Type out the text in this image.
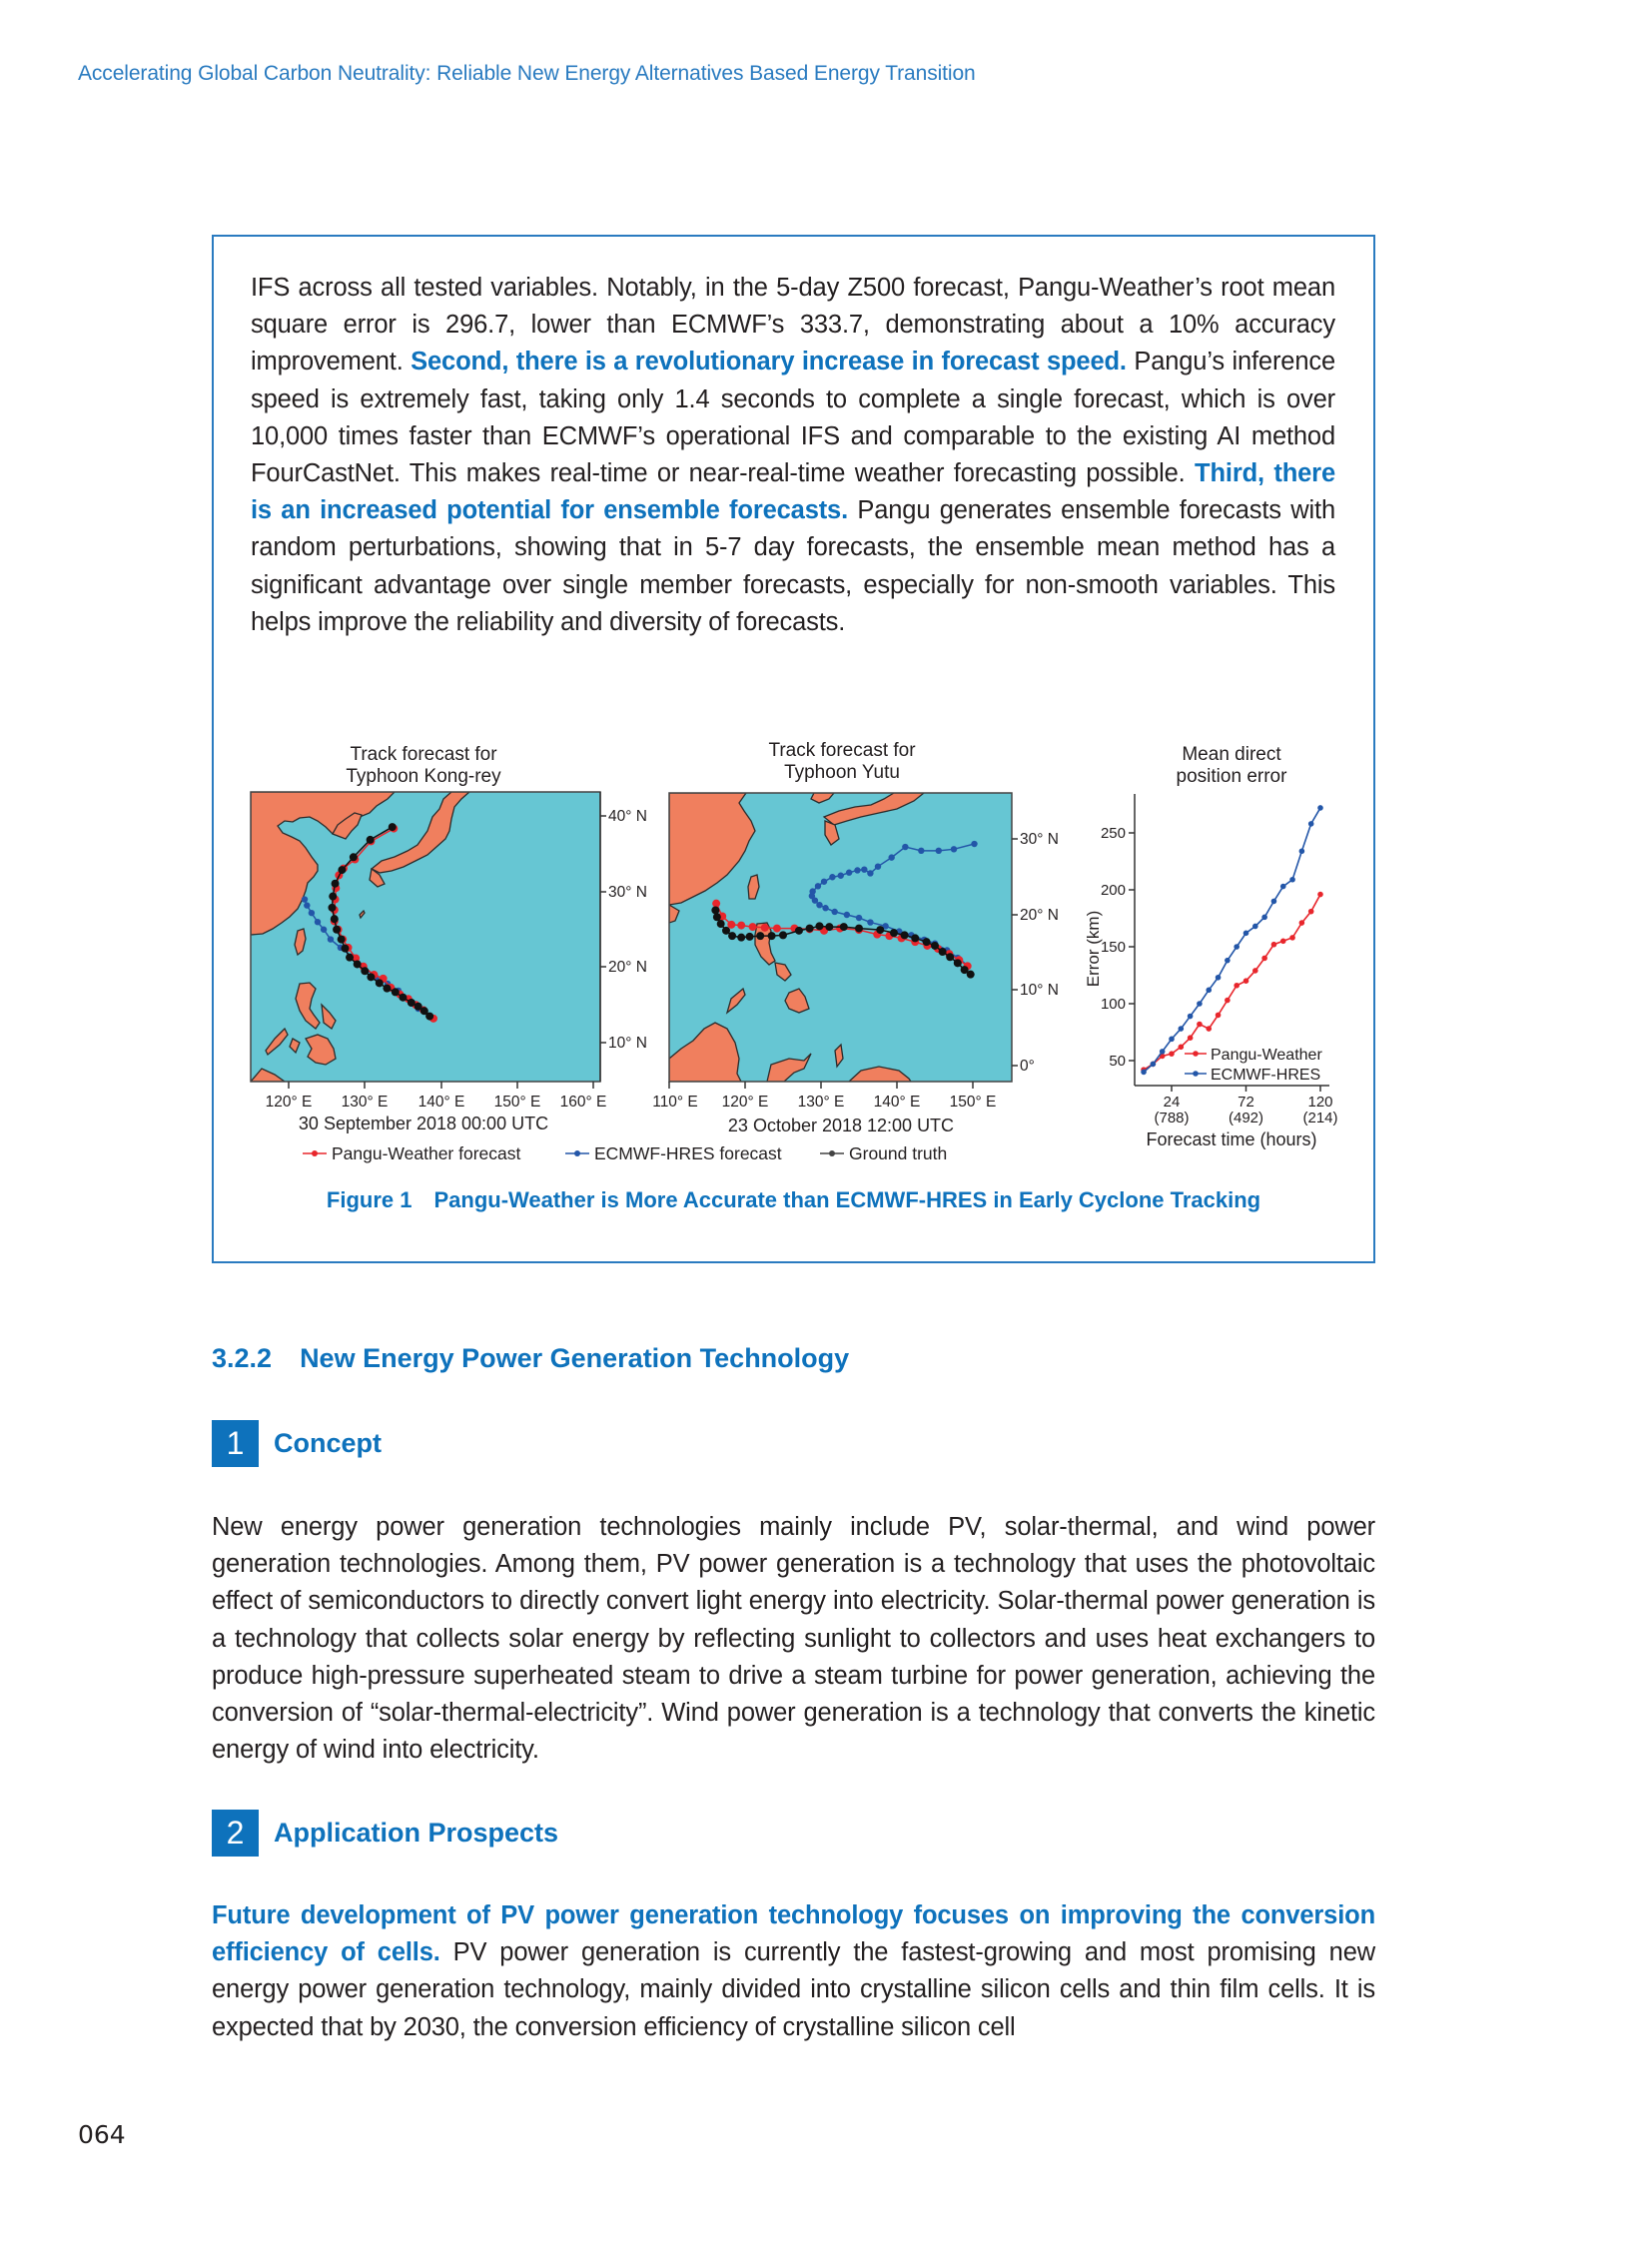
Accelerating Global Carbon Neutrality: Reliable New Energy Alternatives Based Energy Transition
IFS across all tested variables. Notably, in the 5-day Z500 forecast, Pangu-Weather’s root mean square error is 296.7, lower than ECMWF’s 333.7, demonstrating about a 10% accuracy improvement. Second, there is a revolutionary increase in forecast speed. Pangu’s inference speed is extremely fast, taking only 1.4 seconds to complete a single forecast, which is over 10,000 times faster than ECMWF’s operational IFS and comparable to the existing AI method FourCastNet. This makes real-time or near-real-time weather forecasting possible. Third, there is an increased potential for ensemble forecasts. Pangu generates ensemble forecasts with random perturbations, showing that in 5-7 day forecasts, the ensemble mean method has a significant advantage over single member forecasts, especially for non-smooth variables. This helps improve the reliability and diversity of forecasts.
Track forecast for
Typhoon Kong-rey
40° N
30° N
20° N
10° N
120° E 130° E 140° E 150° E 160° E
30 September 2018 00:00 UTC
Track forecast for
Typhoon Yutu
30° N
20° N
10° N
0°
110° E 120° E 130° E 140° E 150° E
23 October 2018 12:00 UTC
Mean direct
position error
50
100
150
200
250
24
(788)
72
(492)
120
(214)
Error (km)
Forecast time (hours)
Pangu-Weather
ECMWF-HRES
Pangu-Weather forecast	ECMWF-HRES forecast	Ground truth
Figure 1 Pangu-Weather is More Accurate than ECMWF-HRES in Early Cyclone Tracking
3.2.2 New Energy Power Generation Technology
1	Concept
New energy power generation technologies mainly include PV, solar-thermal, and wind power generation technologies. Among them, PV power generation is a technology that uses the photovoltaic effect of semiconductors to directly convert light energy into electricity. Solar-thermal power generation is a technology that collects solar energy by reflecting sunlight to collectors and uses heat exchangers to produce high-pressure superheated steam to drive a steam turbine for power generation, achieving the conversion of “solar-thermal-electricity”. Wind power generation is a technology that converts the kinetic energy of wind into electricity.
2	Application Prospects
Future development of PV power generation technology focuses on improving the conversion efficiency of cells. PV power generation is currently the fastest-growing and most promising new energy power generation technology, mainly divided into crystalline silicon cells and thin film cells. It is expected that by 2030, the conversion efficiency of crystalline silicon cell
064
